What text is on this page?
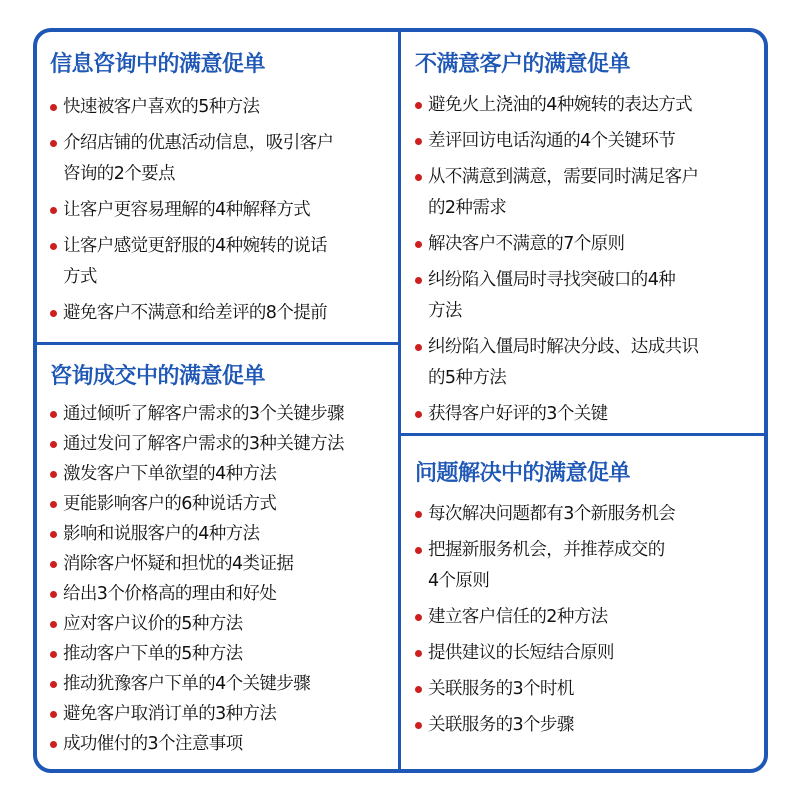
信息咨询中的满意促单
快速被客户喜欢的5种方法
介绍店铺的优惠活动信息，吸引客户
咨询的2个要点
让客户更容易理解的4种解释方式
让客户感觉更舒服的4种婉转的说话
方式
避免客户不满意和给差评的8个提前
咨询成交中的满意促单
通过倾听了解客户需求的3个关键步骤
通过发问了解客户需求的3种关键方法
激发客户下单欲望的4种方法
更能影响客户的6种说话方式
影响和说服客户的4种方法
消除客户怀疑和担忧的4类证据
给出3个价格高的理由和好处
应对客户议价的5种方法
推动客户下单的5种方法
推动犹豫客户下单的4个关键步骤
避免客户取消订单的3种方法
成功催付的3个注意事项
不满意客户的满意促单
避免火上浇油的4种婉转的表达方式
差评回访电话沟通的4个关键环节
从不满意到满意，需要同时满足客户
的2种需求
解决客户不满意的7个原则
纠纷陷入僵局时寻找突破口的4种
方法
纠纷陷入僵局时解决分歧、达成共识
的5种方法
获得客户好评的3个关键
问题解决中的满意促单
每次解决问题都有3个新服务机会
把握新服务机会，并推荐成交的
4个原则
建立客户信任的2种方法
提供建议的长短结合原则
关联服务的3个时机
关联服务的3个步骤
